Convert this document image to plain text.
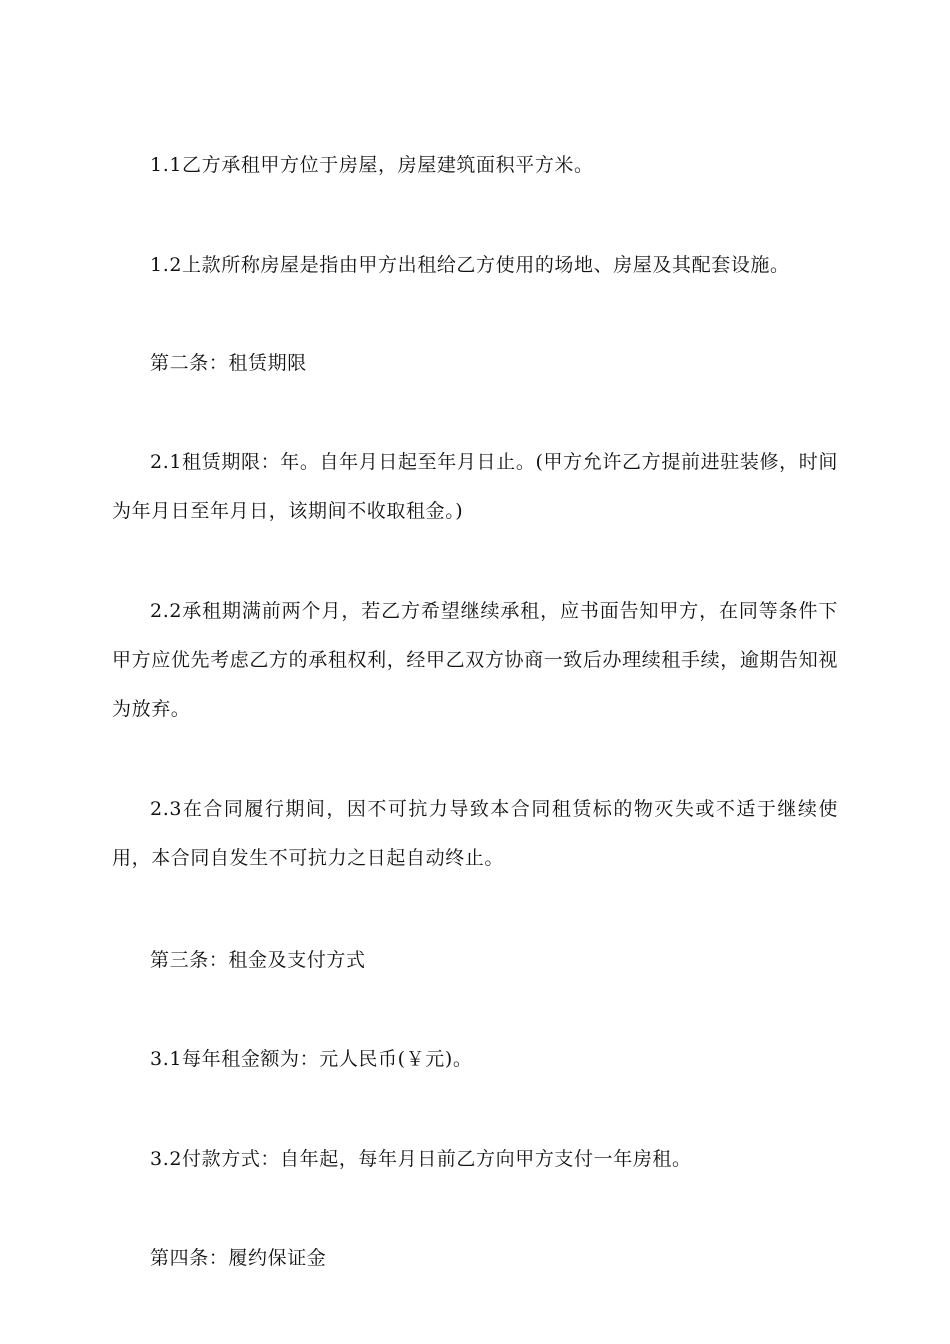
1.1乙方承租甲方位于房屋，房屋建筑面积平方米。

1.2上款所称房屋是指由甲方出租给乙方使用的场地、房屋及其配套设施。

第二条：租赁期限

2.1租赁期限：年。自年月日起至年月日止。(甲方允许乙方提前进驻装修，时间为年月日至年月日，该期间不收取租金。)

2.2承租期满前两个月，若乙方希望继续承租，应书面告知甲方，在同等条件下甲方应优先考虑乙方的承租权利，经甲乙双方协商一致后办理续租手续，逾期告知视为放弃。

2.3在合同履行期间，因不可抗力导致本合同租赁标的物灭失或不适于继续使用，本合同自发生不可抗力之日起自动终止。

第三条：租金及支付方式

3.1每年租金额为：元人民币(￥元)。

3.2付款方式：自年起，每年月日前乙方向甲方支付一年房租。

第四条：履约保证金
